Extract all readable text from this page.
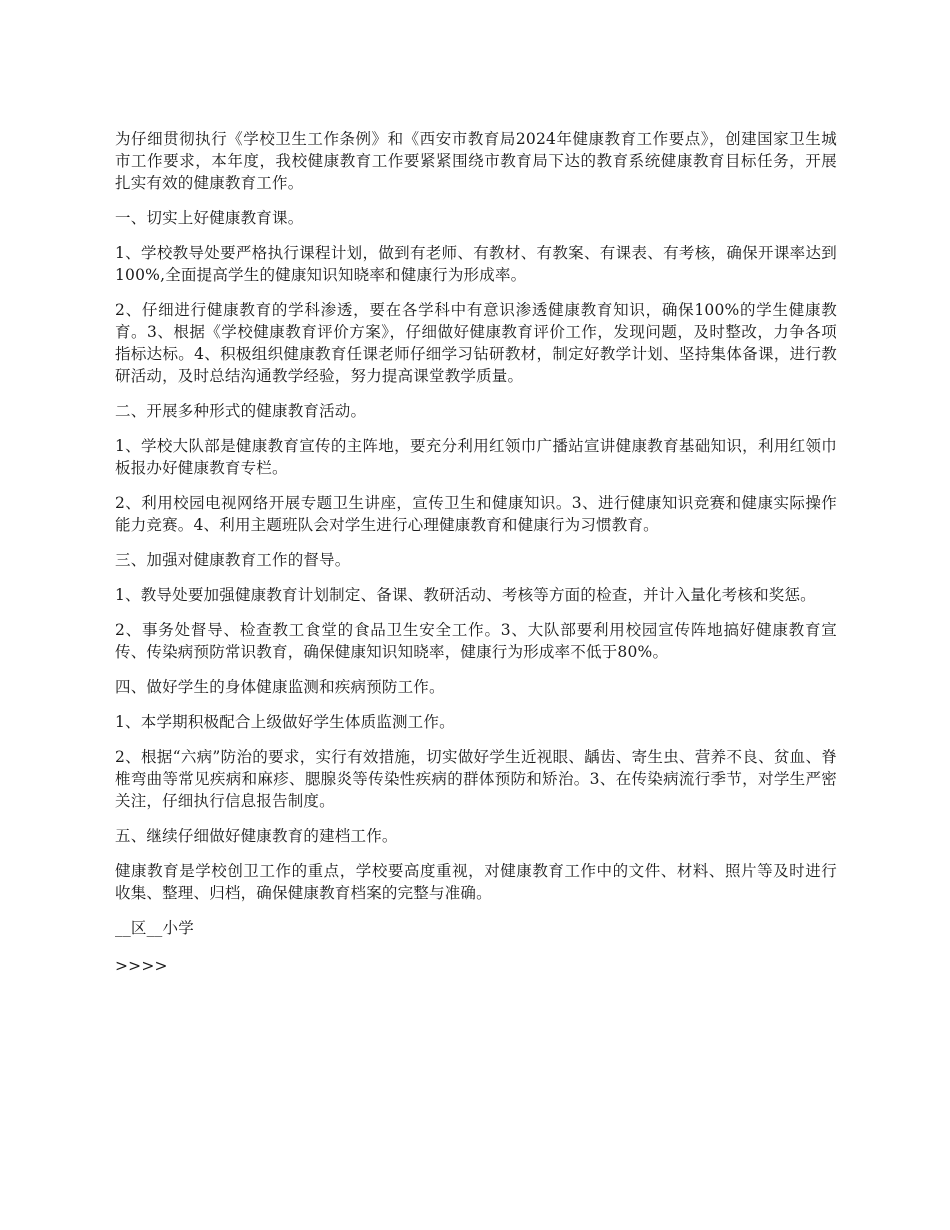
为仔细贯彻执行《学校卫生工作条例》和《西安市教育局2024年健康教育工作要点》，创建国家卫生城市工作要求，本年度，我校健康教育工作要紧紧围绕市教育局下达的教育系统健康教育目标任务，开展扎实有效的健康教育工作。

一、切实上好健康教育课。

1、学校教导处要严格执行课程计划，做到有老师、有教材、有教案、有课表、有考核，确保开课率达到100%,全面提高学生的健康知识知晓率和健康行为形成率。

2、仔细进行健康教育的学科渗透，要在各学科中有意识渗透健康教育知识，确保100%的学生健康教育。3、根据《学校健康教育评价方案》，仔细做好健康教育评价工作，发现问题，及时整改，力争各项指标达标。4、积极组织健康教育任课老师仔细学习钻研教材，制定好教学计划、坚持集体备课，进行教研活动，及时总结沟通教学经验，努力提高课堂教学质量。

二、开展多种形式的健康教育活动。

1、学校大队部是健康教育宣传的主阵地，要充分利用红领巾广播站宣讲健康教育基础知识，利用红领巾板报办好健康教育专栏。

2、利用校园电视网络开展专题卫生讲座，宣传卫生和健康知识。3、进行健康知识竞赛和健康实际操作能力竞赛。4、利用主题班队会对学生进行心理健康教育和健康行为习惯教育。

三、加强对健康教育工作的督导。

1、教导处要加强健康教育计划制定、备课、教研活动、考核等方面的检查，并计入量化考核和奖惩。

2、事务处督导、检查教工食堂的食品卫生安全工作。3、大队部要利用校园宣传阵地搞好健康教育宣传、传染病预防常识教育，确保健康知识知晓率，健康行为形成率不低于80%。

四、做好学生的身体健康监测和疾病预防工作。

1、本学期积极配合上级做好学生体质监测工作。

2、根据“六病”防治的要求，实行有效措施，切实做好学生近视眼、龋齿、寄生虫、营养不良、贫血、脊椎弯曲等常见疾病和麻疹、腮腺炎等传染性疾病的群体预防和矫治。3、在传染病流行季节，对学生严密关注，仔细执行信息报告制度。

五、继续仔细做好健康教育的建档工作。

健康教育是学校创卫工作的重点，学校要高度重视，对健康教育工作中的文件、材料、照片等及时进行收集、整理、归档，确保健康教育档案的完整与准确。

__区__小学

>>>>
